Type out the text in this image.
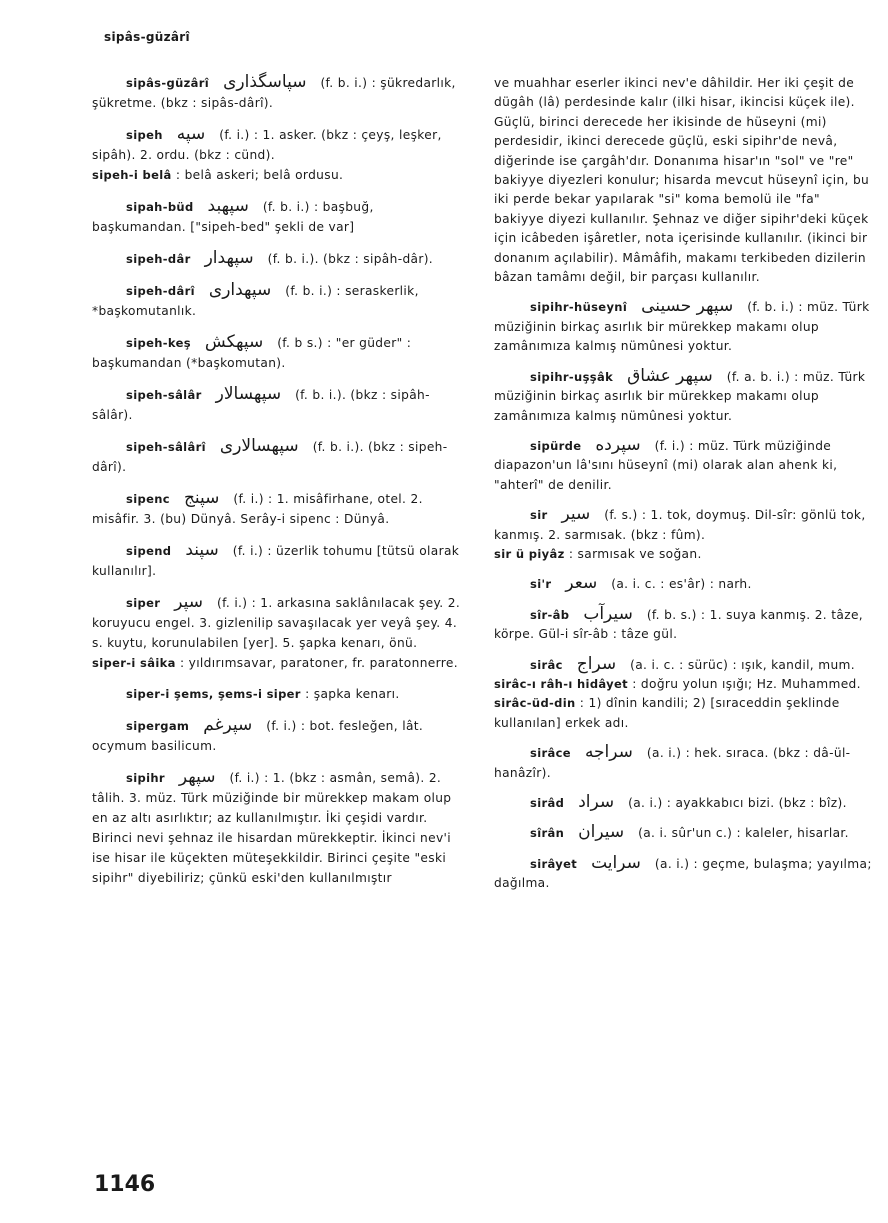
sipâs-güzârî

sipâs-güzârî سپاسگذارى (f. b. i.) : şükredarlık, şükretme. (bkz : sipâs-dârî).

sipeh سپه (f. i.) : 1. asker. (bkz : çeyş, leşker, sipâh). 2. ordu. (bkz : cünd).

sipeh-i belâ : belâ askeri; belâ ordusu.

sipah-büd سپهبد (f. b. i.) : başbuğ, başkumandan. ["sipeh-bed" şekli de var]

sipeh-dâr سپهدار (f. b. i.). (bkz : sipâh-dâr).

sipeh-dârî سپهدارى (f. b. i.) : seraskerlik, *başkomutanlık.

sipeh-keş سپهکش (f. b s.) : "er güder" : başkumandan (*başkomutan).

sipeh-sâlâr سپهسالار (f. b. i.). (bkz : sipâh-sâlâr).

sipeh-sâlârî سپهسالارى (f. b. i.). (bkz : sipeh-dârî).

sipenc سپنج (f. i.) : 1. misâfirhane, otel. 2. misâfir. 3. (bu) Dünyâ. Serây-i sipenc : Dünyâ.

sipend سپند (f. i.) : üzerlik tohumu [tütsü olarak kullanılır].

siper سپر (f. i.) : 1. arkasına saklânılacak şey. 2. koruyucu engel. 3. gizlenilip savaşılacak yer veyâ şey. 4. s. kuytu, korunulabilen [yer]. 5. şapka kenarı, önü.

siper-i sâika : yıldırımsavar, paratoner, fr. paratonnerre.

siper-i şems, şems-i siper : şapka kenarı.

sipergam سپرغم (f. i.) : bot. fesleğen, lât. ocymum basilicum.

sipihr سپهر (f. i.) : 1. (bkz : asmân, semâ). 2. tâlih. 3. müz. Türk müziğinde bir mürekkep makam olup en az altı asırlıktır; az kullanılmıştır. İki çeşidi vardır. Birinci nevi şehnaz ile hisardan mürekkeptir. İkinci nev'i ise hisar ile küçekten müteşekkildir. Birinci çeşite "eski sipihr" diyebiliriz; çünkü eski'den kullanılmıştır

ve muahhar eserler ikinci nev'e dâhildir. Her iki çeşit de dügâh (lâ) perdesinde kalır (ilki hisar, ikincisi küçek ile). Güçlü, birinci derecede her ikisinde de hüseyni (mi) perdesidir, ikinci derecede güçlü, eski sipihr'de nevâ, diğerinde ise çargâh'dır. Donanıma hisar'ın "sol" ve "re" bakiyye diyezleri konulur; hisarda mevcut hüseynî için, bu iki perde bekar yapılarak "si" koma bemolü ile "fa" bakiyye diyezi kullanılır. Şehnaz ve diğer sipihr'deki küçek için icâbeden işâretler, nota içerisinde kullanılır. (ikinci bir donanım açılabilir). Mâmâfih, makamı terkibeden dizilerin bâzan tamâmı değil, bir parçası kullanılır.

sipihr-hüseynî سپهر حسينى (f. b. i.) : müz. Türk müziğinin birkaç asırlık bir mürekkep makamı olup zamânımıza kalmış nümûnesi yoktur.

sipihr-uşşâk سپهر عشاق (f. a. b. i.) : müz. Türk müziğinin birkaç asırlık bir mürekkep makamı olup zamânımıza kalmış nümûnesi yoktur.

sipürde سپرده (f. i.) : müz. Türk müziğinde diapazon'un lâ'sını hüseynî (mi) olarak alan ahenk ki, "ahterî" de denilir.

sir سير (f. s.) : 1. tok, doymuş. Dil-sîr: gönlü tok, kanmış. 2. sarmısak. (bkz : fûm).

sir ü piyâz : sarmısak ve soğan.

si'r سعر (a. i. c. : es'âr) : narh.

sîr-âb سيرآب (f. b. s.) : 1. suya kanmış. 2. tâze, körpe. Gül-i sîr-âb : tâze gül.

sirâc سراج (a. i. c. : sürüc) : ışık, kandil, mum.

sirâc-ı râh-ı hidâyet : doğru yolun ışığı; Hz. Muhammed.

sirâc-üd-din : 1) dînin kandili; 2) [sıraceddin şeklinde kullanılan] erkek adı.

sirâce سراجه (a. i.) : hek. sıraca. (bkz : dâ-ül-hanâzîr).

sirâd سراد (a. i.) : ayakkabıcı bizi. (bkz : bîz).

sîrân سيران (a. i. sûr'un c.) : kaleler, hisarlar.

sirâyet سرايت (a. i.) : geçme, bulaşma; yayılma; dağılma.

1146
